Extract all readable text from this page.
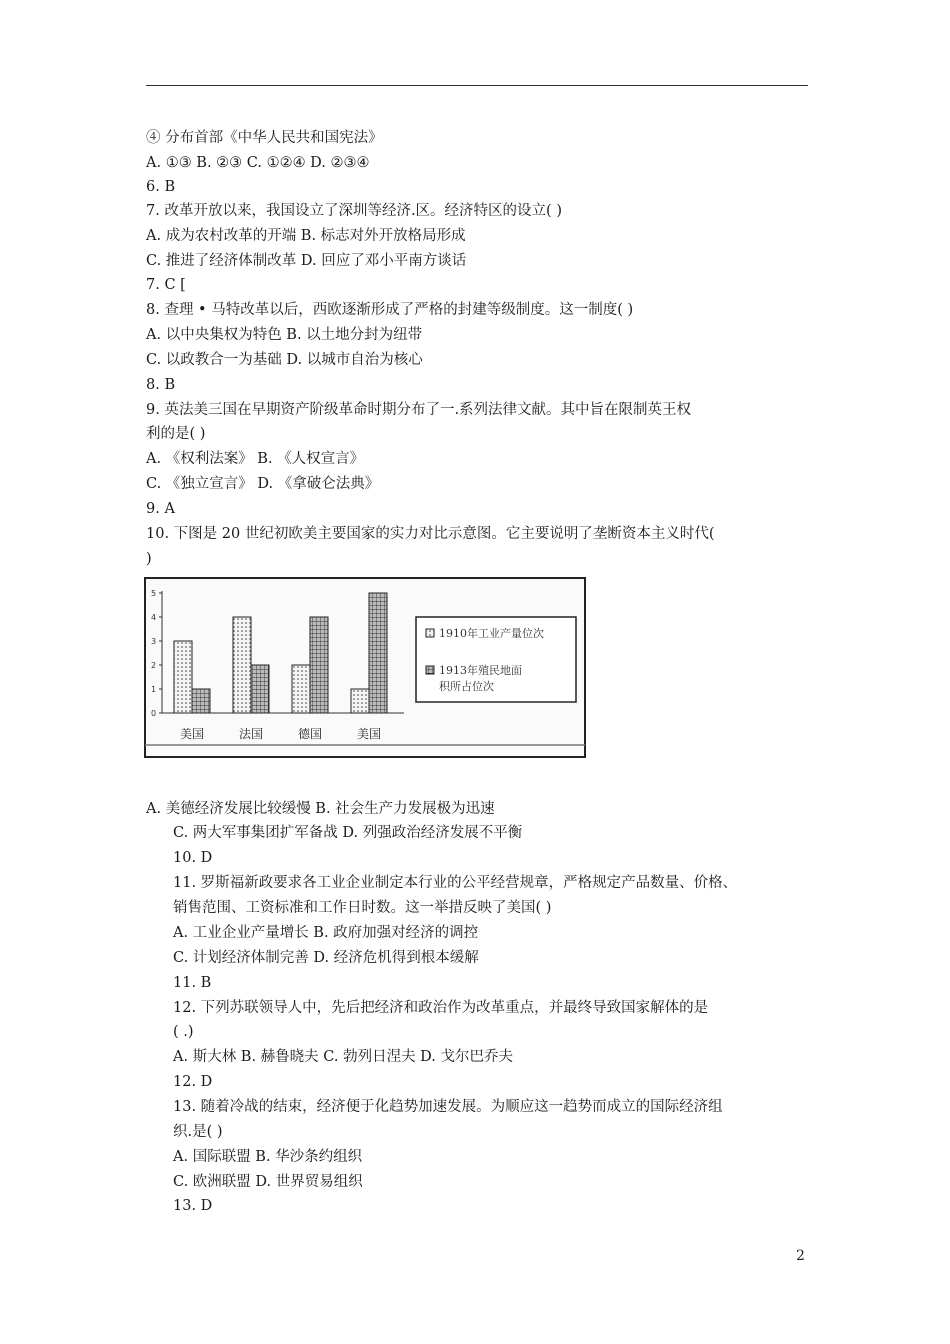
④ 分布首部《中华人民共和国宪法》
A. ①③ B. ②③ C. ①②④ D. ②③④
6. B
7. 改革开放以来，我国设立了深圳等经济.区。经济特区的设立( )
A. 成为农村改革的开端 B. 标志对外开放格局形成
C. 推进了经济体制改革 D. 回应了邓小平南方谈话
7. C [
8. 查理 • 马特改革以后，西欧逐渐形成了严格的封建等级制度。这一制度( )
A. 以中央集权为特色 B. 以土地分封为纽带
C. 以政教合一为基础 D. 以城市自治为核心
8. B
9. 英法美三国在早期资产阶级革命时期分布了一.系列法律文献。其中旨在限制英王权
利的是( )
A. 《权利法案》 B. 《人权宣言》
C. 《独立宣言》 D. 《拿破仑法典》
9. A
10. 下图是 20 世纪初欧美主要国家的实力对比示意图。它主要说明了垄断资本主义时代(
)
A. 美德经济发展比较缓慢 B. 社会生产力发展极为迅速
C. 两大军事集团扩军备战 D. 列强政治经济发展不平衡
10. D
11. 罗斯福新政要求各工业企业制定本行业的公平经营规章，严格规定产品数量、价格、
销售范围、工资标准和工作日时数。这一举措反映了美国( )
A. 工业企业产量增长 B. 政府加强对经济的调控
C. 计划经济体制完善 D. 经济危机得到根本缓解
11. B
12. 下列苏联领导人中，先后把经济和政治作为改革重点，并最终导致国家解体的是
( .)
A. 斯大林 B. 赫鲁晓夫 C. 勃列日涅夫 D. 戈尔巴乔夫
12. D
13. 随着冷战的结束，经济便于化趋势加速发展。为顺应这一趋势而成立的国际经济组
织.是( )
A. 国际联盟 B. 华沙条约组织
C. 欧洲联盟 D. 世界贸易组织
13. D
0
1
2
3
4
5
美国	法国	德国	美国
1910年工业产量位次
1913年殖民地面积所占位次
2
